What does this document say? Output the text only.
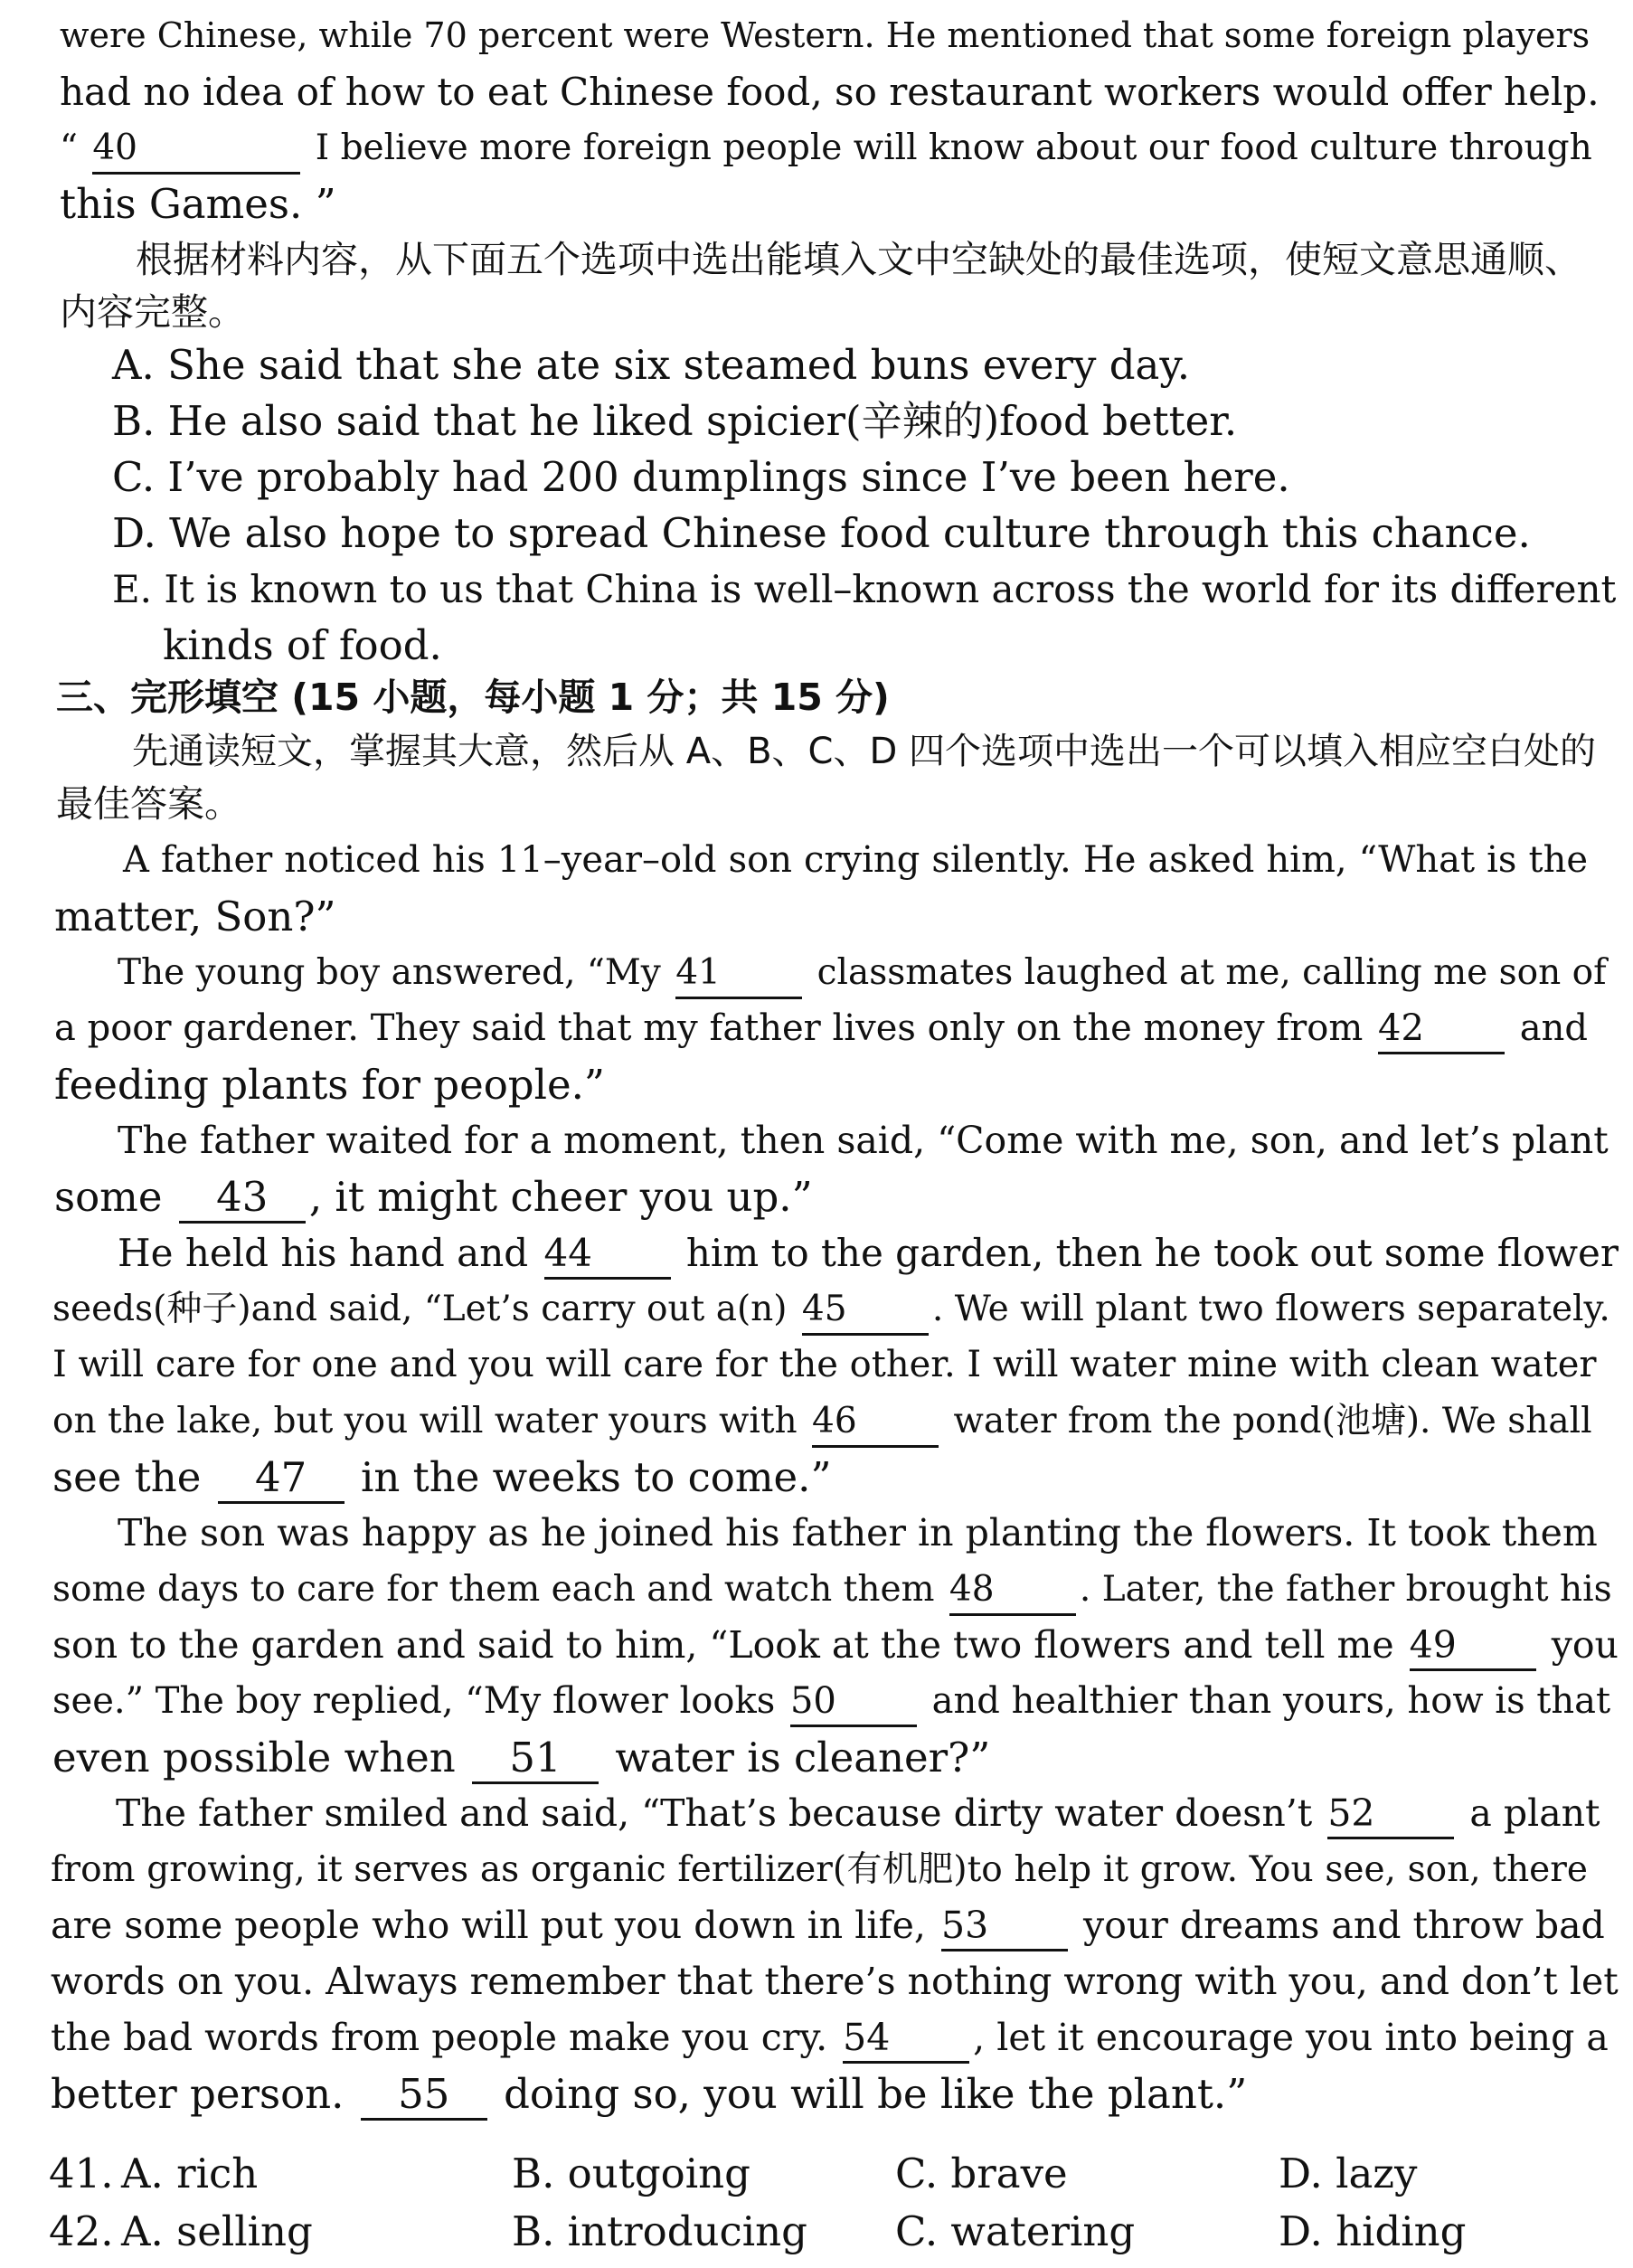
were Chinese, while 70 percent were Western. He mentioned that some foreign players
had no idea of how to eat Chinese food, so restaurant workers would offer help.
“ 40	I believe more foreign people will know about our food culture through
this Games. ”
根据材料内容，从下面五个选项中选出能填入文中空缺处的最佳选项，使短文意思通顺、
内容完整。
A. She said that she ate six steamed buns every day.
B. He also said that he liked spicier(辛辣的)food better.
C. I’ve probably had 200 dumplings since I’ve been here.
D. We also hope to spread Chinese food culture through this chance.
E. It is known to us that China is well–known across the world for its different
kinds of food.
三、完形填空 (15 小题，每小题 1 分；共 15 分)
先通读短文，掌握其大意，然后从 A、B、C、D 四个选项中选出一个可以填入相应空白处的
最佳答案。
A father noticed his 11–year–old son crying silently. He asked him, “What is the
matter, Son?”
The young boy answered, “My 41	classmates laughed at me, calling me son of
a poor gardener. They said that my father lives only on the money from 42	and
feeding plants for people.”
The father waited for a moment, then said, “Come with me, son, and let’s plant
some 43 , it might cheer you up.”
He held his hand and 44 him to the garden, then he took out some flower
seeds(种子)and said, “Let’s carry out a(n) 45 . We will plant two flowers separately.
I will care for one and you will care for the other. I will water mine with clean water
on the lake, but you will water yours with 46	water from the pond(池塘). We shall
see the 47 in the weeks to come.”
The son was happy as he joined his father in planting the flowers. It took them
some days to care for them each and watch them 48 . Later, the father brought his
son to the garden and said to him, “Look at the two flowers and tell me 49	you
see.” The boy replied, “My flower looks 50	and healthier than yours, how is that
even possible when 51 water is cleaner?”
The father smiled and said, “That’s because dirty water doesn’t 52	a plant
from growing, it serves as organic fertilizer(有机肥)to help it grow. You see, son, there
are some people who will put you down in life, 53	your dreams and throw bad
words on you. Always remember that there’s nothing wrong with you, and don’t let
the bad words from people make you cry. 54 , let it encourage you into being a
better person. 55 doing so, you will be like the plant.”
41. A. rich	B. outgoing	C. brave	D. lazy
42. A. selling	B. introducing C. watering	D. hiding
